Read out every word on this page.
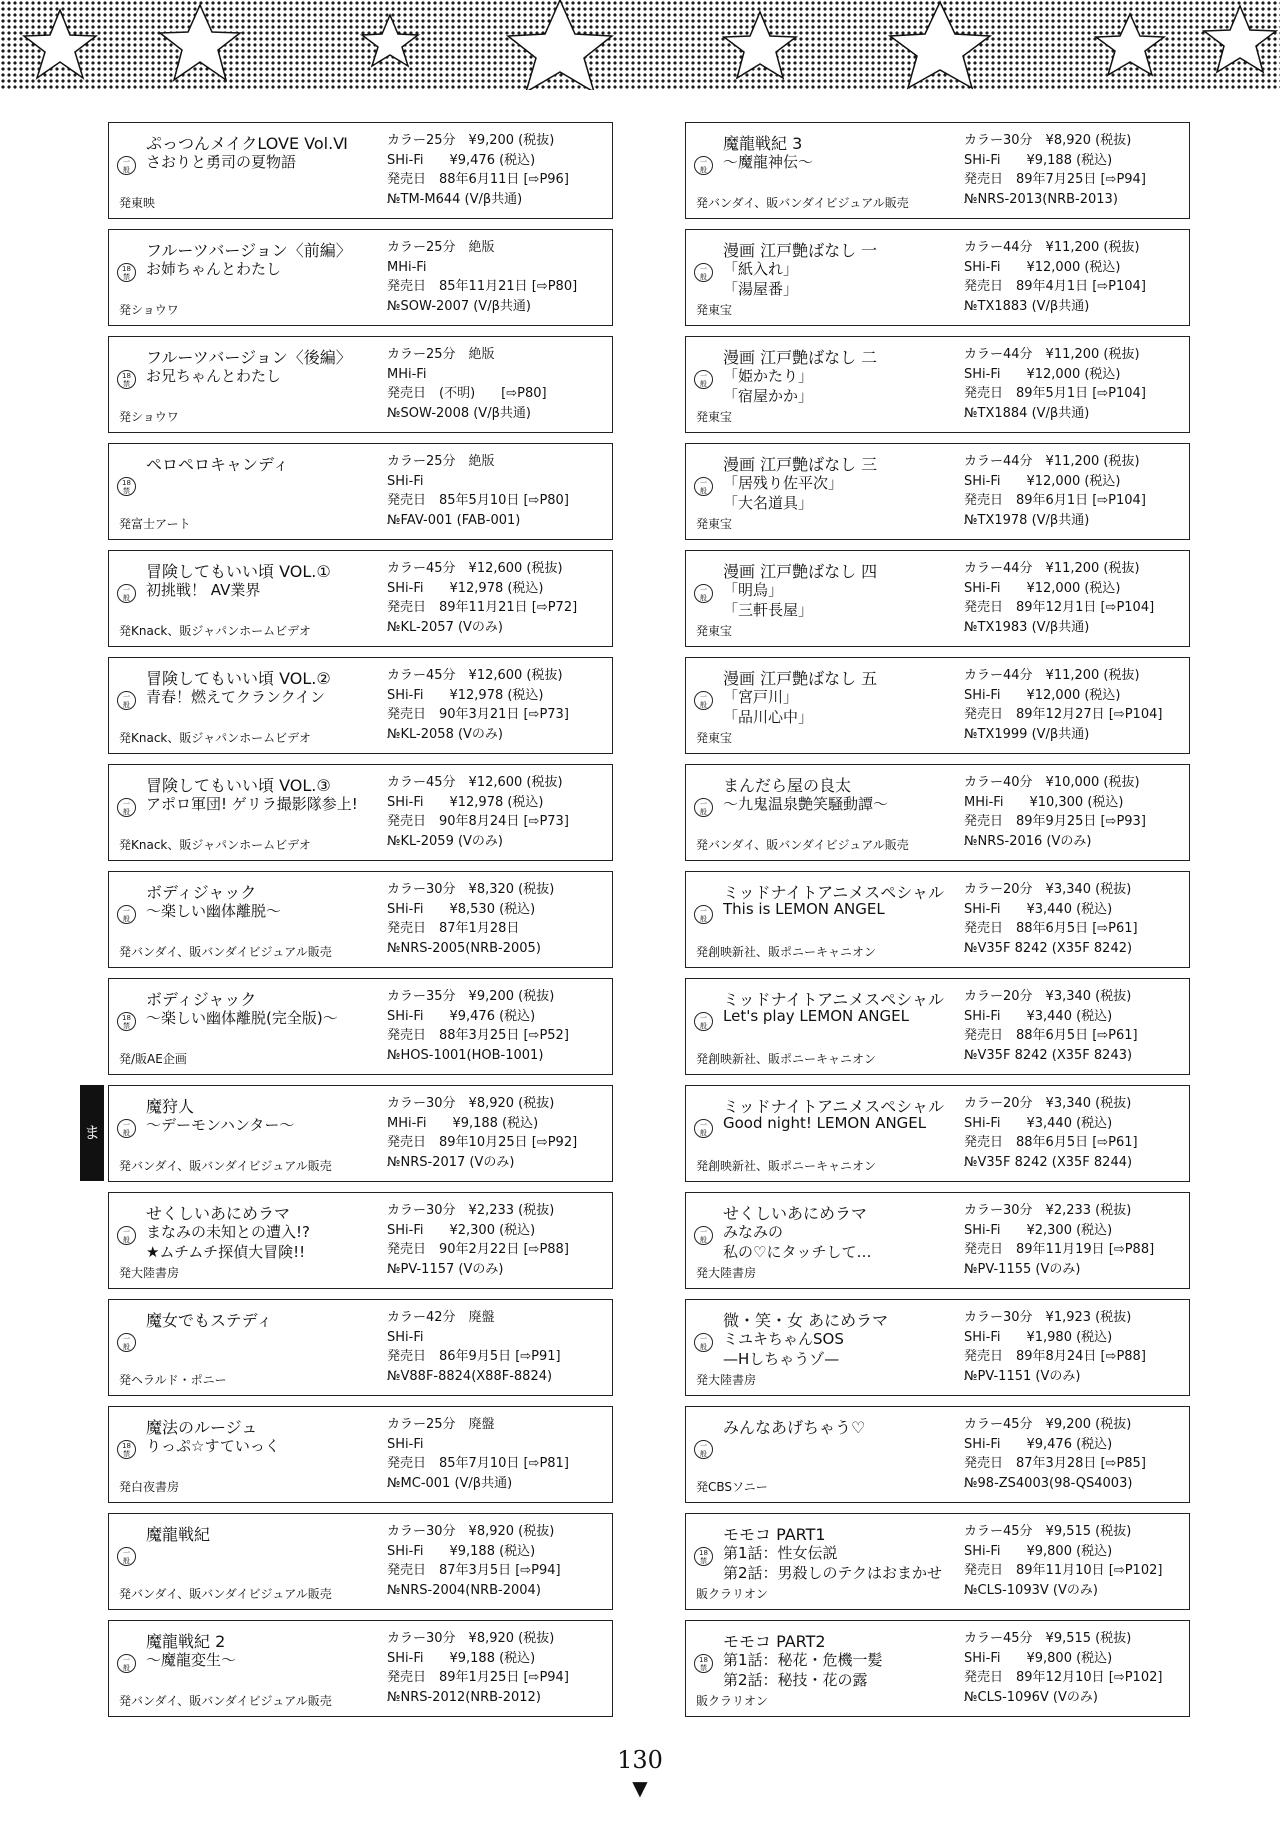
一
般
ぷっつんメイクLOVE Vol.Ⅵ
さおりと勇司の夏物語
発東映
カラー25分　¥9,200 (税抜)
SHi-Fi　　¥9,476 (税込)
発売日　88年6月11日 [⇨P96]
№TM-M644 (V/β共通)
18
禁
フルーツバージョン〈前編〉
お姉ちゃんとわたし
発ショウワ
カラー25分　絶版
MHi-Fi
発売日　85年11月21日 [⇨P80]
№SOW-2007 (V/β共通)
18
禁
フルーツバージョン〈後編〉
お兄ちゃんとわたし
発ショウワ
カラー25分　絶版
MHi-Fi
発売日　(不明)　　[⇨P80]
№SOW-2008 (V/β共通)
18
禁
ペロペロキャンディ
発富士アート
カラー25分　絶版
SHi-Fi
発売日　85年5月10日 [⇨P80]
№FAV-001 (FAB-001)
一
般
冒険してもいい頃 VOL.①
初挑戦！ AV業界
発Knack、販ジャパンホームビデオ
カラー45分　¥12,600 (税抜)
SHi-Fi　　¥12,978 (税込)
発売日　89年11月21日 [⇨P72]
№KL-2057 (Vのみ)
一
般
冒険してもいい頃 VOL.②
青春！燃えてクランクイン
発Knack、販ジャパンホームビデオ
カラー45分　¥12,600 (税抜)
SHi-Fi　　¥12,978 (税込)
発売日　90年3月21日 [⇨P73]
№KL-2058 (Vのみ)
一
般
冒険してもいい頃 VOL.③
アポロ軍団! ゲリラ撮影隊参上!
発Knack、販ジャパンホームビデオ
カラー45分　¥12,600 (税抜)
SHi-Fi　　¥12,978 (税込)
発売日　90年8月24日 [⇨P73]
№KL-2059 (Vのみ)
一
般
ボディジャック
〜楽しい幽体離脱〜
発バンダイ、販バンダイビジュアル販売
カラー30分　¥8,320 (税抜)
SHi-Fi　　¥8,530 (税込)
発売日　87年1月28日
№NRS-2005(NRB-2005)
18
禁
ボディジャック
〜楽しい幽体離脱(完全版)〜
発/販AE企画
カラー35分　¥9,200 (税抜)
SHi-Fi　　¥9,476 (税込)
発売日　88年3月25日 [⇨P52]
№HOS-1001(HOB-1001)
一
般
魔狩人
〜デーモンハンター〜
発バンダイ、販バンダイビジュアル販売
カラー30分　¥8,920 (税抜)
MHi-Fi　　¥9,188 (税込)
発売日　89年10月25日 [⇨P92]
№NRS-2017 (Vのみ)
一
般
せくしいあにめラマ
まなみの未知との遭入!?
★ムチムチ探偵大冒険!!
発大陸書房
カラー30分　¥2,233 (税抜)
SHi-Fi　　¥2,300 (税込)
発売日　90年2月22日 [⇨P88]
№PV-1157 (Vのみ)
一
般
魔女でもステディ
発ヘラルド・ポニー
カラー42分　廃盤
SHi-Fi
発売日　86年9月5日 [⇨P91]
№V88F-8824(X88F-8824)
18
禁
魔法のルージュ
りっぷ☆すていっく
発白夜書房
カラー25分　廃盤
SHi-Fi
発売日　85年7月10日 [⇨P81]
№MC-001 (V/β共通)
一
般
魔龍戦紀
発バンダイ、販バンダイビジュアル販売
カラー30分　¥8,920 (税抜)
SHi-Fi　　¥9,188 (税込)
発売日　87年3月5日 [⇨P94]
№NRS-2004(NRB-2004)
一
般
魔龍戦紀 2
〜魔龍変生〜
発バンダイ、販バンダイビジュアル販売
カラー30分　¥8,920 (税抜)
SHi-Fi　　¥9,188 (税込)
発売日　89年1月25日 [⇨P94]
№NRS-2012(NRB-2012)
一
般
魔龍戦紀 3
〜魔龍神伝〜
発バンダイ、販バンダイビジュアル販売
カラー30分　¥8,920 (税抜)
SHi-Fi　　¥9,188 (税込)
発売日　89年7月25日 [⇨P94]
№NRS-2013(NRB-2013)
一
般
漫画 江戸艶ばなし 一
「紙入れ」
「湯屋番」
発東宝
カラー44分　¥11,200 (税抜)
SHi-Fi　　¥12,000 (税込)
発売日　89年4月1日 [⇨P104]
№TX1883 (V/β共通)
一
般
漫画 江戸艶ばなし 二
「姫かたり」
「宿屋かか」
発東宝
カラー44分　¥11,200 (税抜)
SHi-Fi　　¥12,000 (税込)
発売日　89年5月1日 [⇨P104]
№TX1884 (V/β共通)
一
般
漫画 江戸艶ばなし 三
「居残り佐平次」
「大名道具」
発東宝
カラー44分　¥11,200 (税抜)
SHi-Fi　　¥12,000 (税込)
発売日　89年6月1日 [⇨P104]
№TX1978 (V/β共通)
一
般
漫画 江戸艶ばなし 四
「明烏」
「三軒長屋」
発東宝
カラー44分　¥11,200 (税抜)
SHi-Fi　　¥12,000 (税込)
発売日　89年12月1日 [⇨P104]
№TX1983 (V/β共通)
一
般
漫画 江戸艶ばなし 五
「宮戸川」
「品川心中」
発東宝
カラー44分　¥11,200 (税抜)
SHi-Fi　　¥12,000 (税込)
発売日　89年12月27日 [⇨P104]
№TX1999 (V/β共通)
一
般
まんだら屋の良太
〜九鬼温泉艶笑騒動譚〜
発バンダイ、販バンダイビジュアル販売
カラー40分　¥10,000 (税抜)
MHi-Fi　　¥10,300 (税込)
発売日　89年9月25日 [⇨P93]
№NRS-2016 (Vのみ)
一
般
ミッドナイトアニメスペシャル
This is LEMON ANGEL
発創映新社、販ポニーキャニオン
カラー20分　¥3,340 (税抜)
SHi-Fi　　¥3,440 (税込)
発売日　88年6月5日 [⇨P61]
№V35F 8242 (X35F 8242)
一
般
ミッドナイトアニメスペシャル
Let's play LEMON ANGEL
発創映新社、販ポニーキャニオン
カラー20分　¥3,340 (税抜)
SHi-Fi　　¥3,440 (税込)
発売日　88年6月5日 [⇨P61]
№V35F 8242 (X35F 8243)
一
般
ミッドナイトアニメスペシャル
Good night! LEMON ANGEL
発創映新社、販ポニーキャニオン
カラー20分　¥3,340 (税抜)
SHi-Fi　　¥3,440 (税込)
発売日　88年6月5日 [⇨P61]
№V35F 8242 (X35F 8244)
一
般
せくしいあにめラマ
みなみの
私の♡にタッチして…
発大陸書房
カラー30分　¥2,233 (税抜)
SHi-Fi　　¥2,300 (税込)
発売日　89年11月19日 [⇨P88]
№PV-1155 (Vのみ)
一
般
微・笑・女 あにめラマ
ミユキちゃんSOS
—Hしちゃうゾ—
発大陸書房
カラー30分　¥1,923 (税抜)
SHi-Fi　　¥1,980 (税込)
発売日　89年8月24日 [⇨P88]
№PV-1151 (Vのみ)
一
般
みんなあげちゃう♡
発CBSソニー
カラー45分　¥9,200 (税抜)
SHi-Fi　　¥9,476 (税込)
発売日　87年3月28日 [⇨P85]
№98-ZS4003(98-QS4003)
18
禁
モモコ PART1
第1話：性女伝説
第2話：男殺しのテクはおまかせ
販クラリオン
カラー45分　¥9,515 (税抜)
SHi-Fi　　¥9,800 (税込)
発売日　89年11月10日 [⇨P102]
№CLS-1093V (Vのみ)
18
禁
モモコ PART2
第1話：秘花・危機一髪
第2話：秘技・花の露
販クラリオン
カラー45分　¥9,515 (税抜)
SHi-Fi　　¥9,800 (税込)
発売日　89年12月10日 [⇨P102]
№CLS-1096V (Vのみ)
ま
130
▼
